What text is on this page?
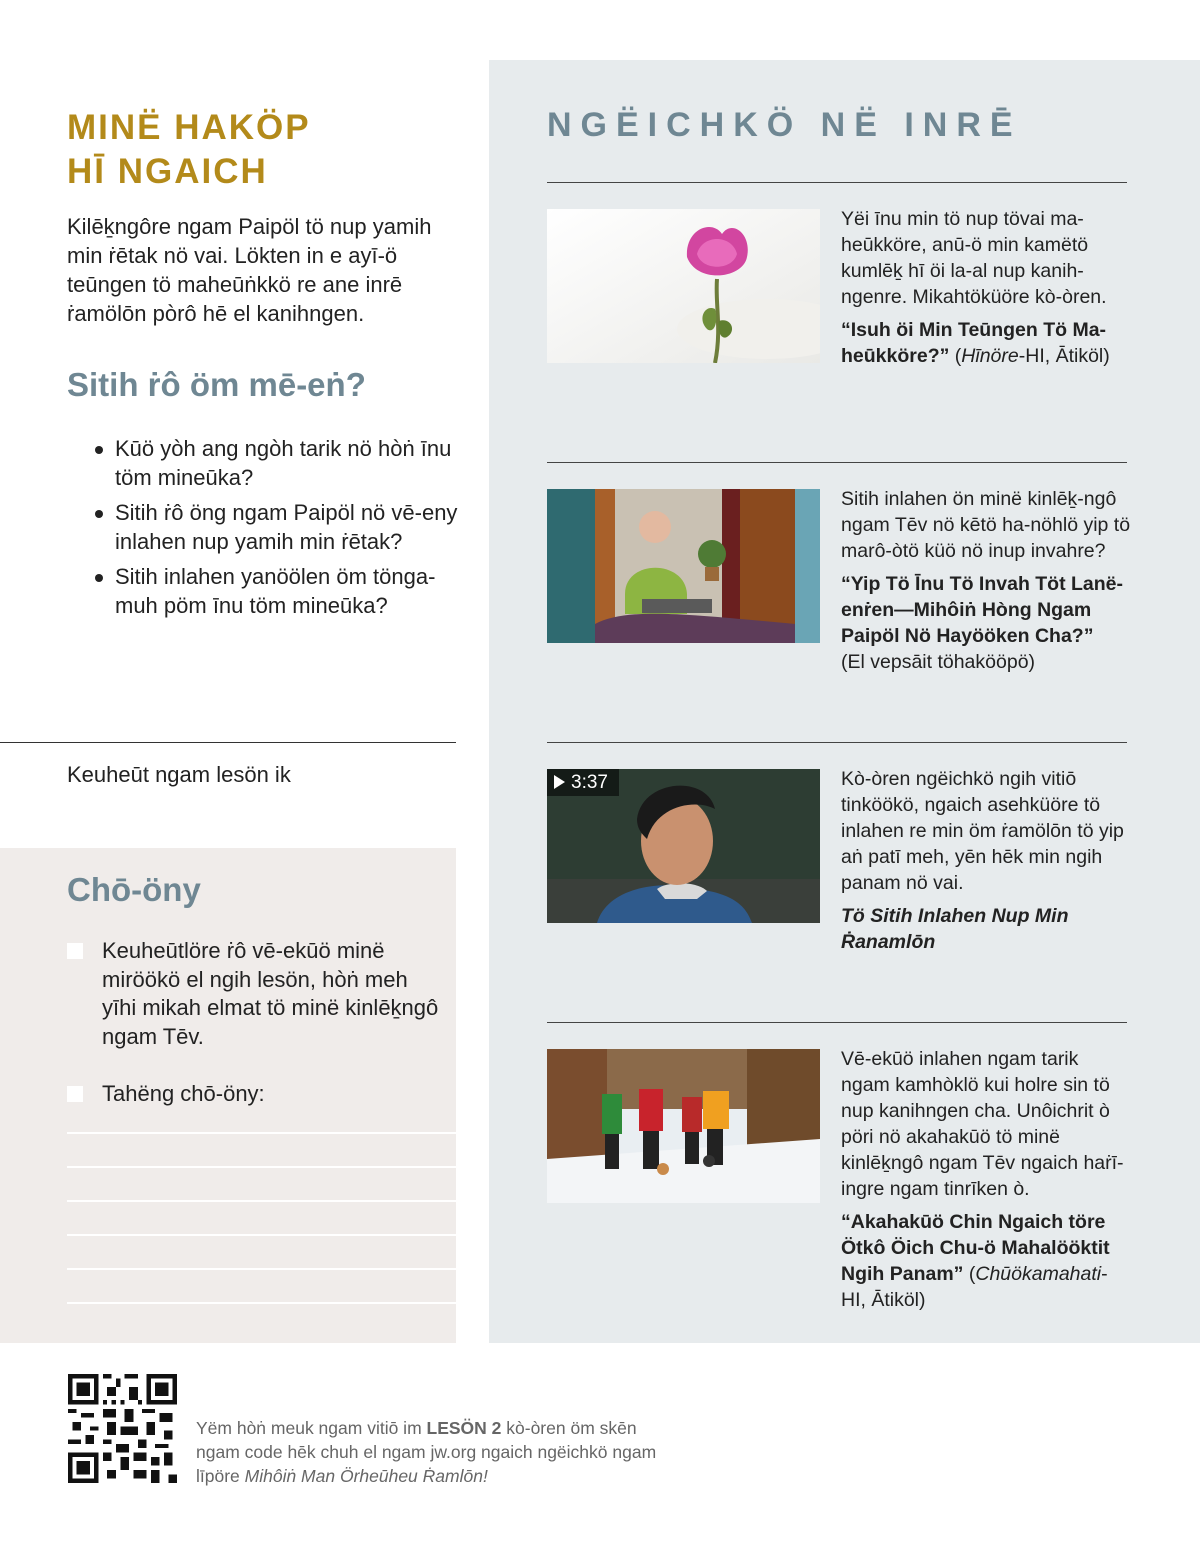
MINË HAKÖP
HĪ NGAICH

Kilēḵngôre ngam Paipöl tö nup yamih min ṙētak nö vai. Lökten in e ayī-ö teūngen tö maheūṅkkö re ane inrē ṙamölōn pòrô hē el kanihngen.

Sitih ṙô öm mē-eṅ?
Kūö yòh ang ngòh tarik nö hòṅ īnu töm mineūka?
Sitih ṙô öng ngam Paipöl nö vē-eny inlahen nup yamih min ṙētak?
Sitih inlahen yanöölen öm tönga-muh pöm īnu töm mineūka?

Keuheūt ngam lesön ik

Chō-öny
Keuheūtlöre ṙô vē-ekūö minë miröökö el ngih lesön, hòṅ meh yīhi mikah elmat tö minë kinlēḵngô ngam Tēv.
Tahëng chō-öny:
NGËICHKÖ NË INRĒ

Yëi īnu min tö nup tövai ma-heūkköre, anū-ö min kamëtö kumlēḵ hī öi la-al nup kanih-ngenre. Mikahtöküöre kò-òren.

“Isuh öi Min Teūngen Tö Ma-heūkköre?” (Hīnöre-HI, Ātiköl)

Sitih inlahen ön minë kinlēḵ-ngô ngam Tēv nö kētö ha-nöhlö yip tö marô-òtö küö nö inup invahre?

“Yip Tö Īnu Tö Invah Töt Lanë-enṙen—Mihôiṅ Hòng Ngam Paipöl Nö Hayööken Cha?”
(El vepsāit töhakööpö)

3:37	Kò-òren ngëichkö ngih vitiō tinköökö, ngaich asehküöre tö inlahen re min öm ṙamölōn tö yip aṅ patī meh, yēn hēk min ngih panam nö vai.

Tö Sitih Inlahen Nup Min Ṙanamlōn

Vē-ekūö inlahen ngam tarik ngam kamhòklö kui holre sin tö nup kanihngen cha. Unôichrit ò pöri nö akahakūö tö minë kinlēḵngô ngam Tēv ngaich haṙī-ingre ngam tinrīken ò.

“Akahakūö Chin Ngaich töre Ötkô Öich Chu-ö Mahalööktit Ngih Panam” (Chūökamahati-HI, Ātiköl)

Yëm hòṅ meuk ngam vitiō im LESÖN 2 kò-òren öm skēn ngam code hēk chuh el ngam jw.org ngaich ngëichkö ngam līpöre Mihôiṅ Man Örheūheu Ṙamlōn!
